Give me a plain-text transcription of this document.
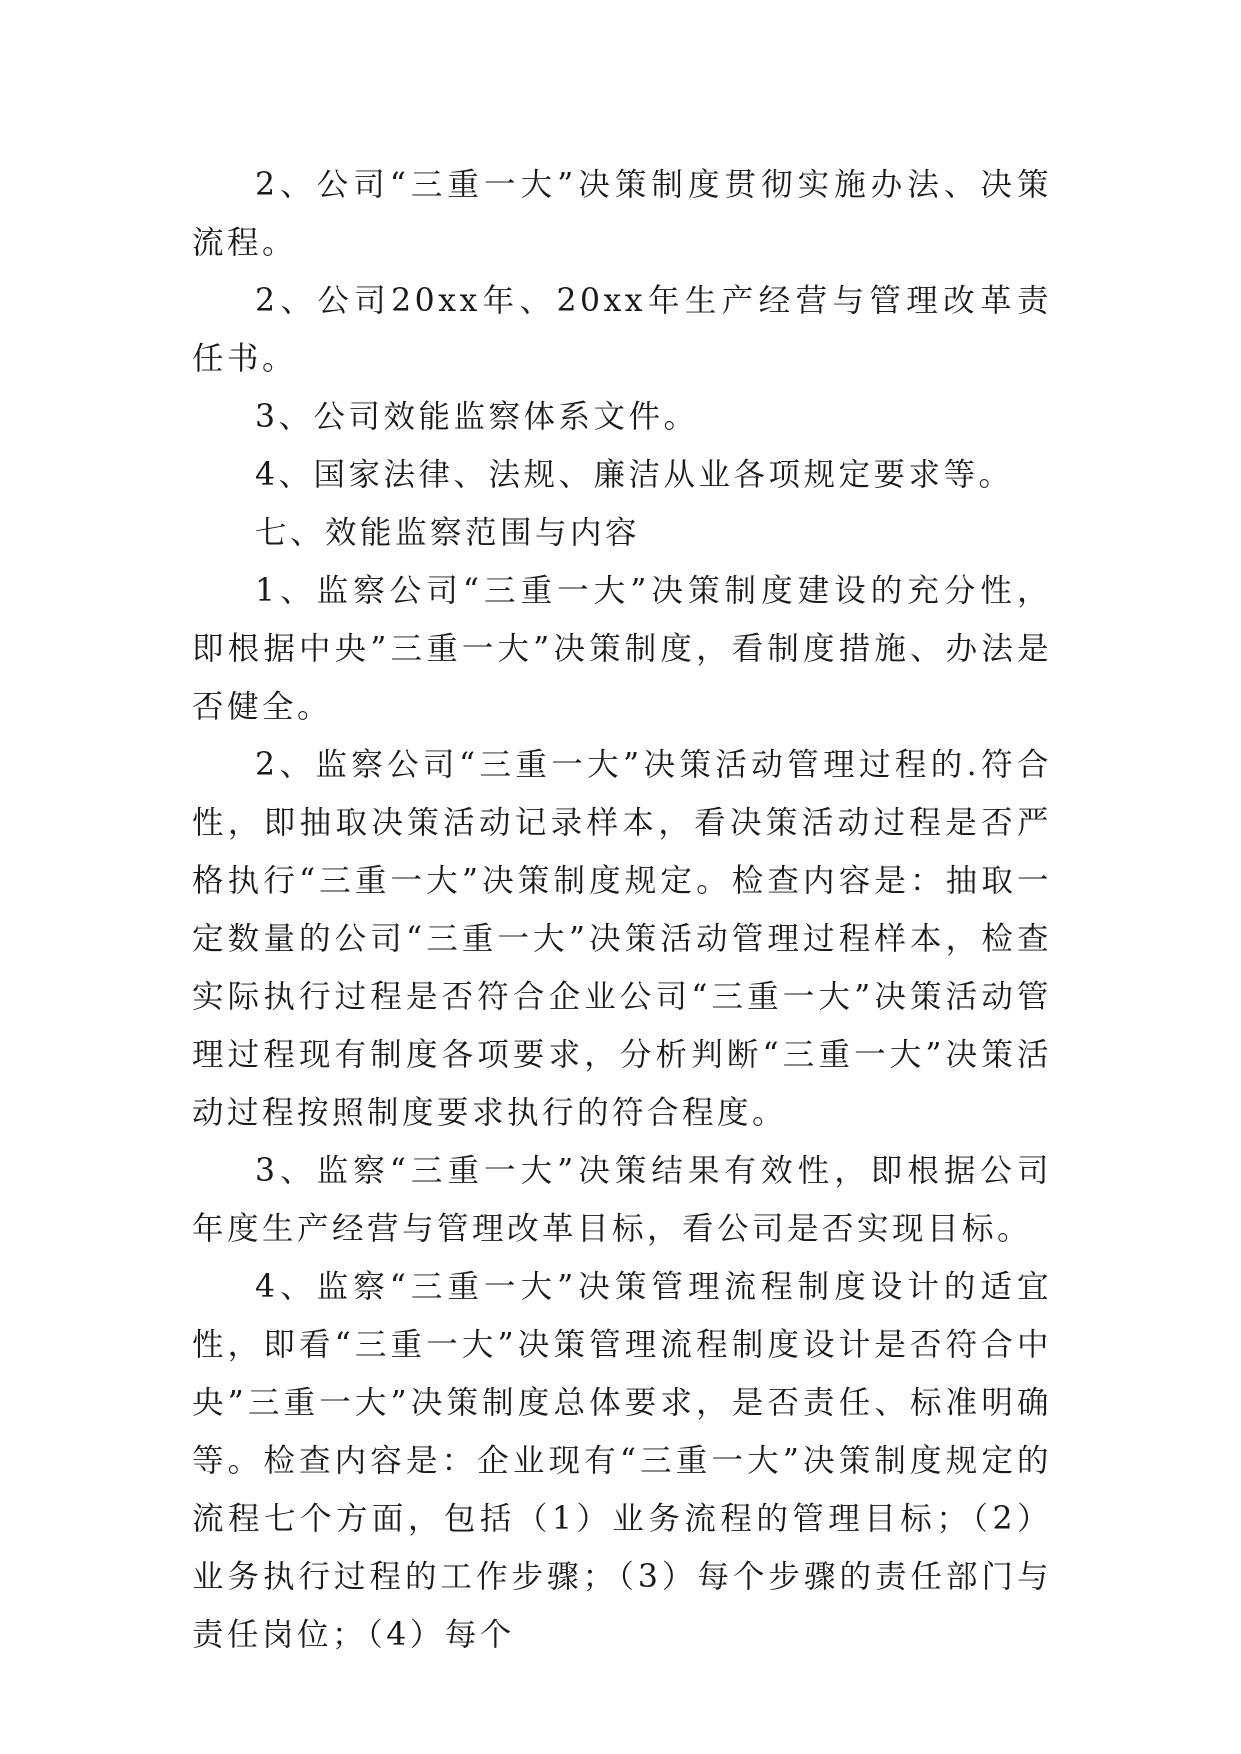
2、公司“三重一大”决策制度贯彻实施办法、决策流程。

2、公司20xx年、20xx年生产经营与管理改革责任书。

3、公司效能监察体系文件。

4、国家法律、法规、廉洁从业各项规定要求等。

七、效能监察范围与内容

1、监察公司“三重一大”决策制度建设的充分性，即根据中央”三重一大”决策制度，看制度措施、办法是否健全。

2、监察公司“三重一大”决策活动管理过程的.符合性，即抽取决策活动记录样本，看决策活动过程是否严格执行“三重一大”决策制度规定。检查内容是：抽取一定数量的公司“三重一大”决策活动管理过程样本，检查实际执行过程是否符合企业公司“三重一大”决策活动管理过程现有制度各项要求，分析判断“三重一大”决策活动过程按照制度要求执行的符合程度。

3、监察“三重一大”决策结果有效性，即根据公司年度生产经营与管理改革目标，看公司是否实现目标。

4、监察“三重一大”决策管理流程制度设计的适宜性，即看“三重一大”决策管理流程制度设计是否符合中央”三重一大”决策制度总体要求，是否责任、标准明确等。检查内容是：企业现有“三重一大”决策制度规定的流程七个方面，包括（1）业务流程的管理目标；（2）业务执行过程的工作步骤；（3）每个步骤的责任部门与责任岗位；（4）每个
